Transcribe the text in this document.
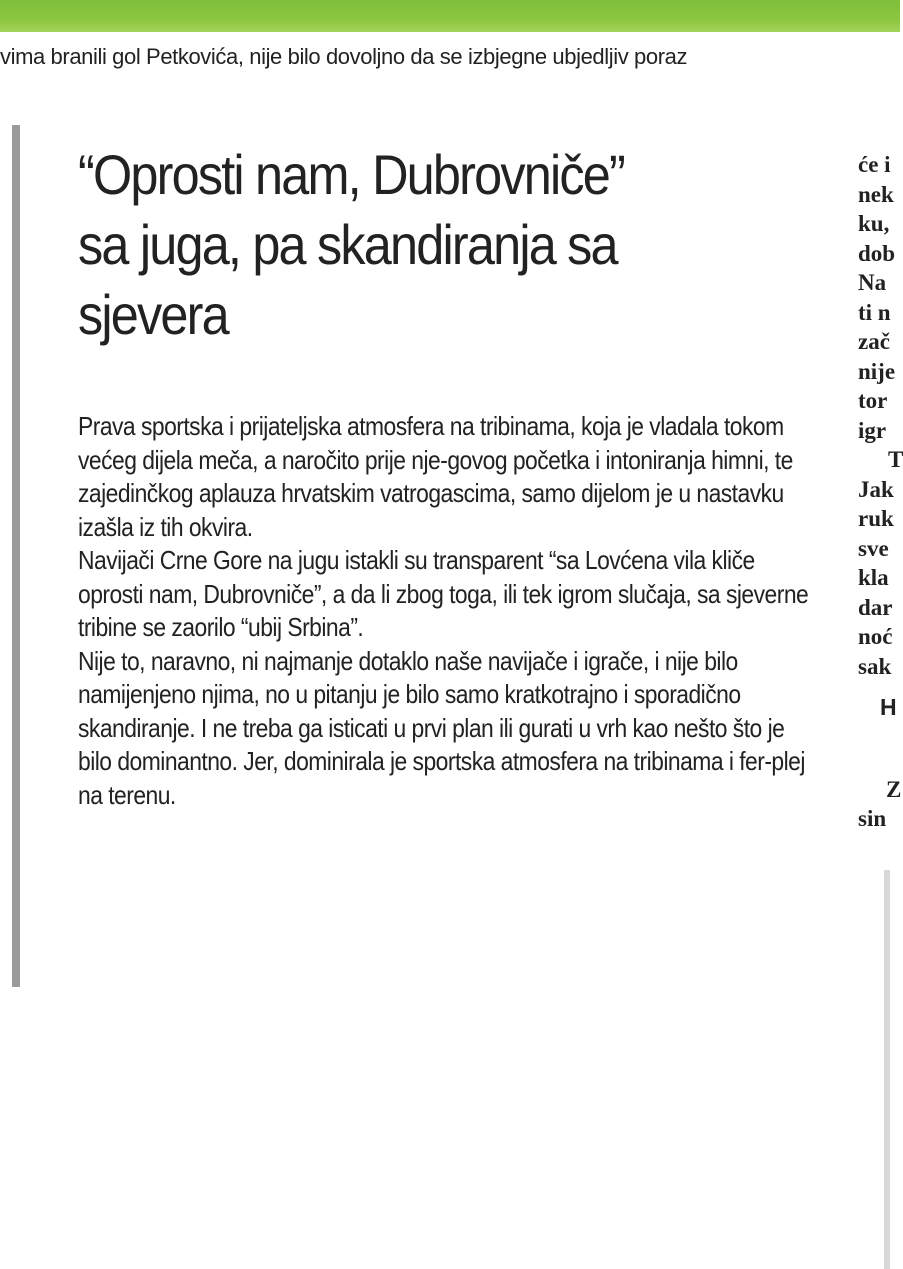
vima branili gol Petkovića, nije bilo dovoljno da se izbjegne ubjedljiv poraz
“Oprosti nam, Dubrovniče”
sa juga, pa skandiranja sa
sjevera

Prava sportska i prijateljska atmosfera na tribinama, koja je vladala tokom većeg dijela meča, a naročito prije nje-govog početka i intoniranja himni, te zajedinčkog aplauza hrvatskim vatrogascima, samo dijelom je u nastavku izašla iz tih okvira.

Navijači Crne Gore na jugu istakli su transparent “sa Lovćena vila kliče oprosti nam, Dubrovniče”, a da li zbog toga, ili tek igrom slučaja, sa sjeverne tribine se zaorilo “ubij Srbina”.

Nije to, naravno, ni najmanje dotaklo naše navijače i igrače, i nije bilo namijenjeno njima, no u pitanju je bilo samo kratkotrajno i sporadično skandiranje. I ne treba ga isticati u prvi plan ili gurati u vrh kao nešto što je bilo dominantno. Jer, dominirala je sportska atmosfera na tribinama i fer-plej na terenu.

će i
nek
ku,
dob
Na
ti n
zač
nije
tor
igr
T
Jak
ruk
sve
kla
dar
noć
sak
H
Z
sin
